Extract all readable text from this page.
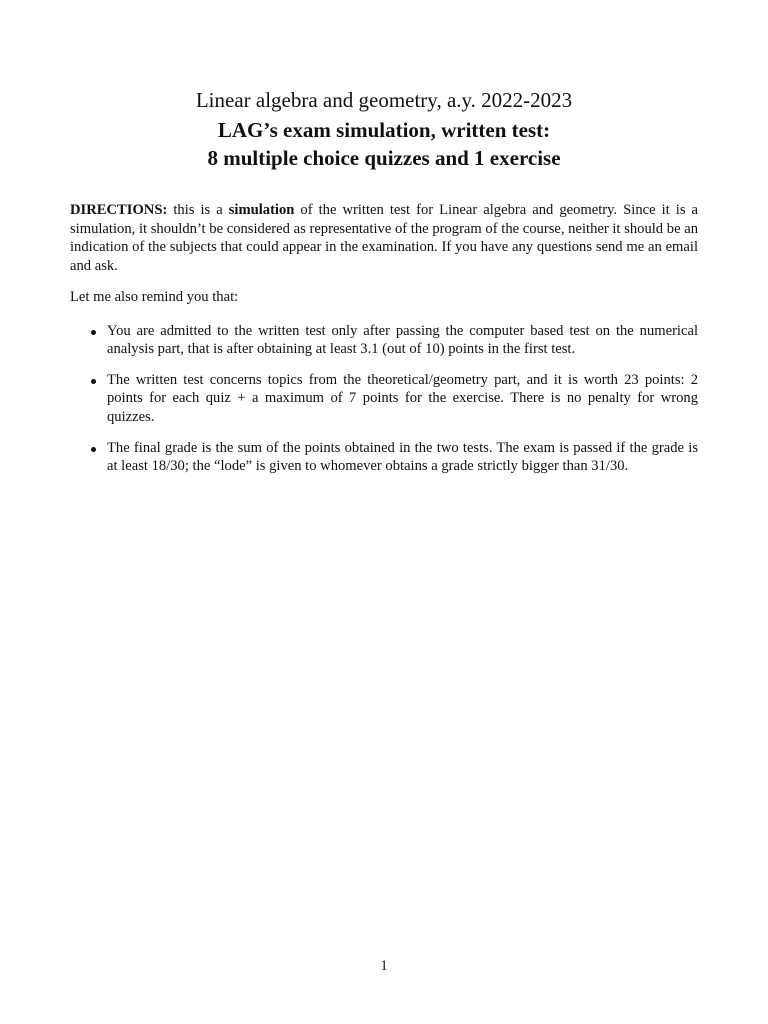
Linear algebra and geometry, a.y. 2022-2023

LAG’s exam simulation, written test:

8 multiple choice quizzes and 1 exercise

DIRECTIONS: this is a simulation of the written test for Linear algebra and geometry. Since it is a simulation, it shouldn’t be considered as representative of the program of the course, neither it should be an indication of the subjects that could appear in the examination. If you have any questions send me an email and ask.

Let me also remind you that:

You are admitted to the written test only after passing the computer based test on the numerical analysis part, that is after obtaining at least 3.1 (out of 10) points in the first test.
The written test concerns topics from the theoretical/geometry part, and it is worth 23 points: 2 points for each quiz + a maximum of 7 points for the exercise. There is no penalty for wrong quizzes.
The final grade is the sum of the points obtained in the two tests. The exam is passed if the grade is at least 18/30; the “lode” is given to whomever obtains a grade strictly bigger than 31/30.
1
